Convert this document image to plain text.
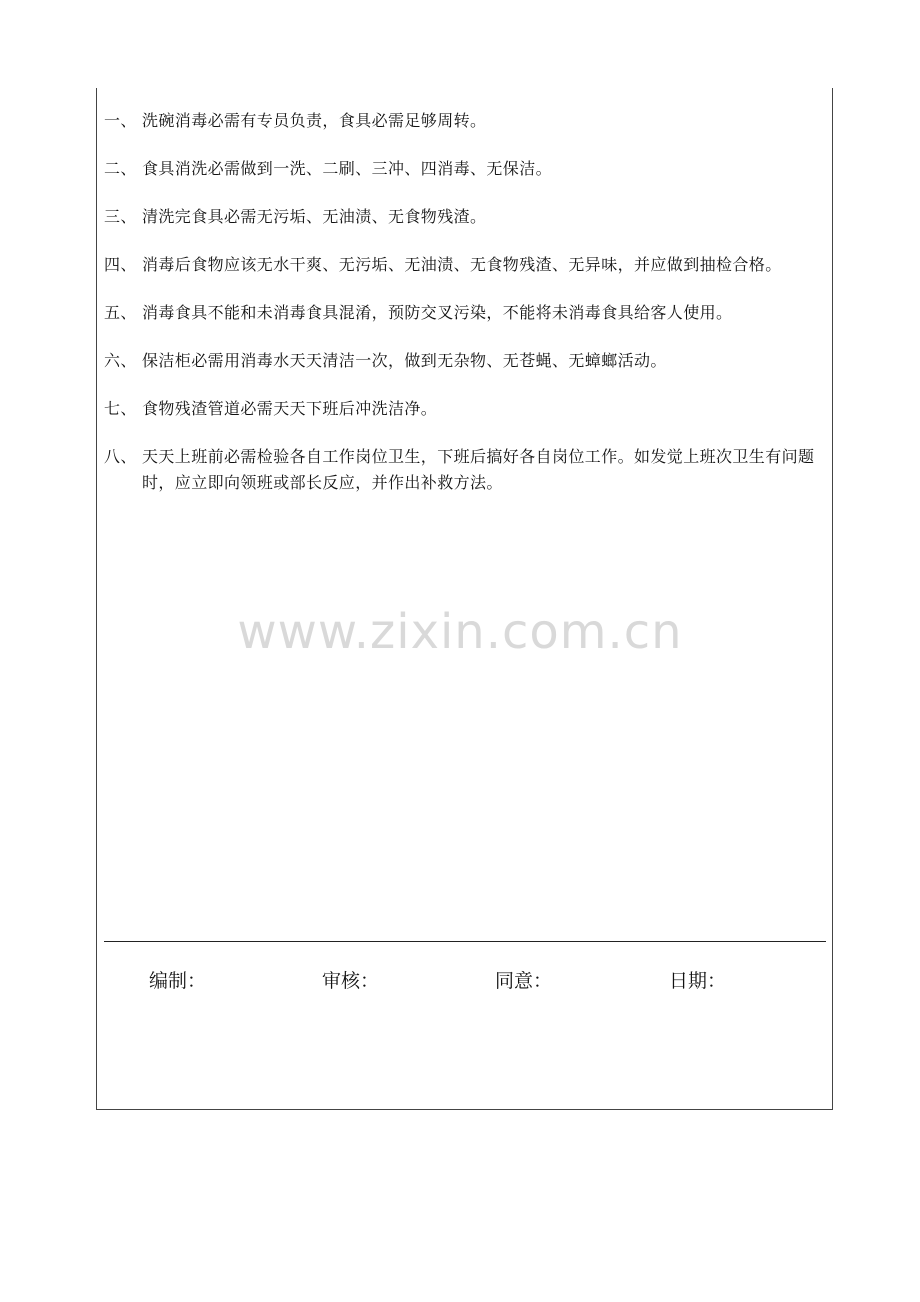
一、 洗碗消毒必需有专员负责，食具必需足够周转。
二、 食具消洗必需做到一洗、二刷、三冲、四消毒、无保洁。
三、 清洗完食具必需无污垢、无油渍、无食物残渣。
四、 消毒后食物应该无水干爽、无污垢、无油渍、无食物残渣、无异味，并应做到抽检合格。
五、 消毒食具不能和未消毒食具混淆，预防交叉污染，不能将未消毒食具给客人使用。
六、 保洁柜必需用消毒水天天清洁一次，做到无杂物、无苍蝇、无蟑螂活动。
七、 食物残渣管道必需天天下班后冲洗洁净。
八、 天天上班前必需检验各自工作岗位卫生，下班后搞好各自岗位工作。如发觉上班次卫生有问题时，应立即向领班或部长反应，并作出补救方法。
www.zixin.com.cn
编制：	审核：	同意：	日期：
